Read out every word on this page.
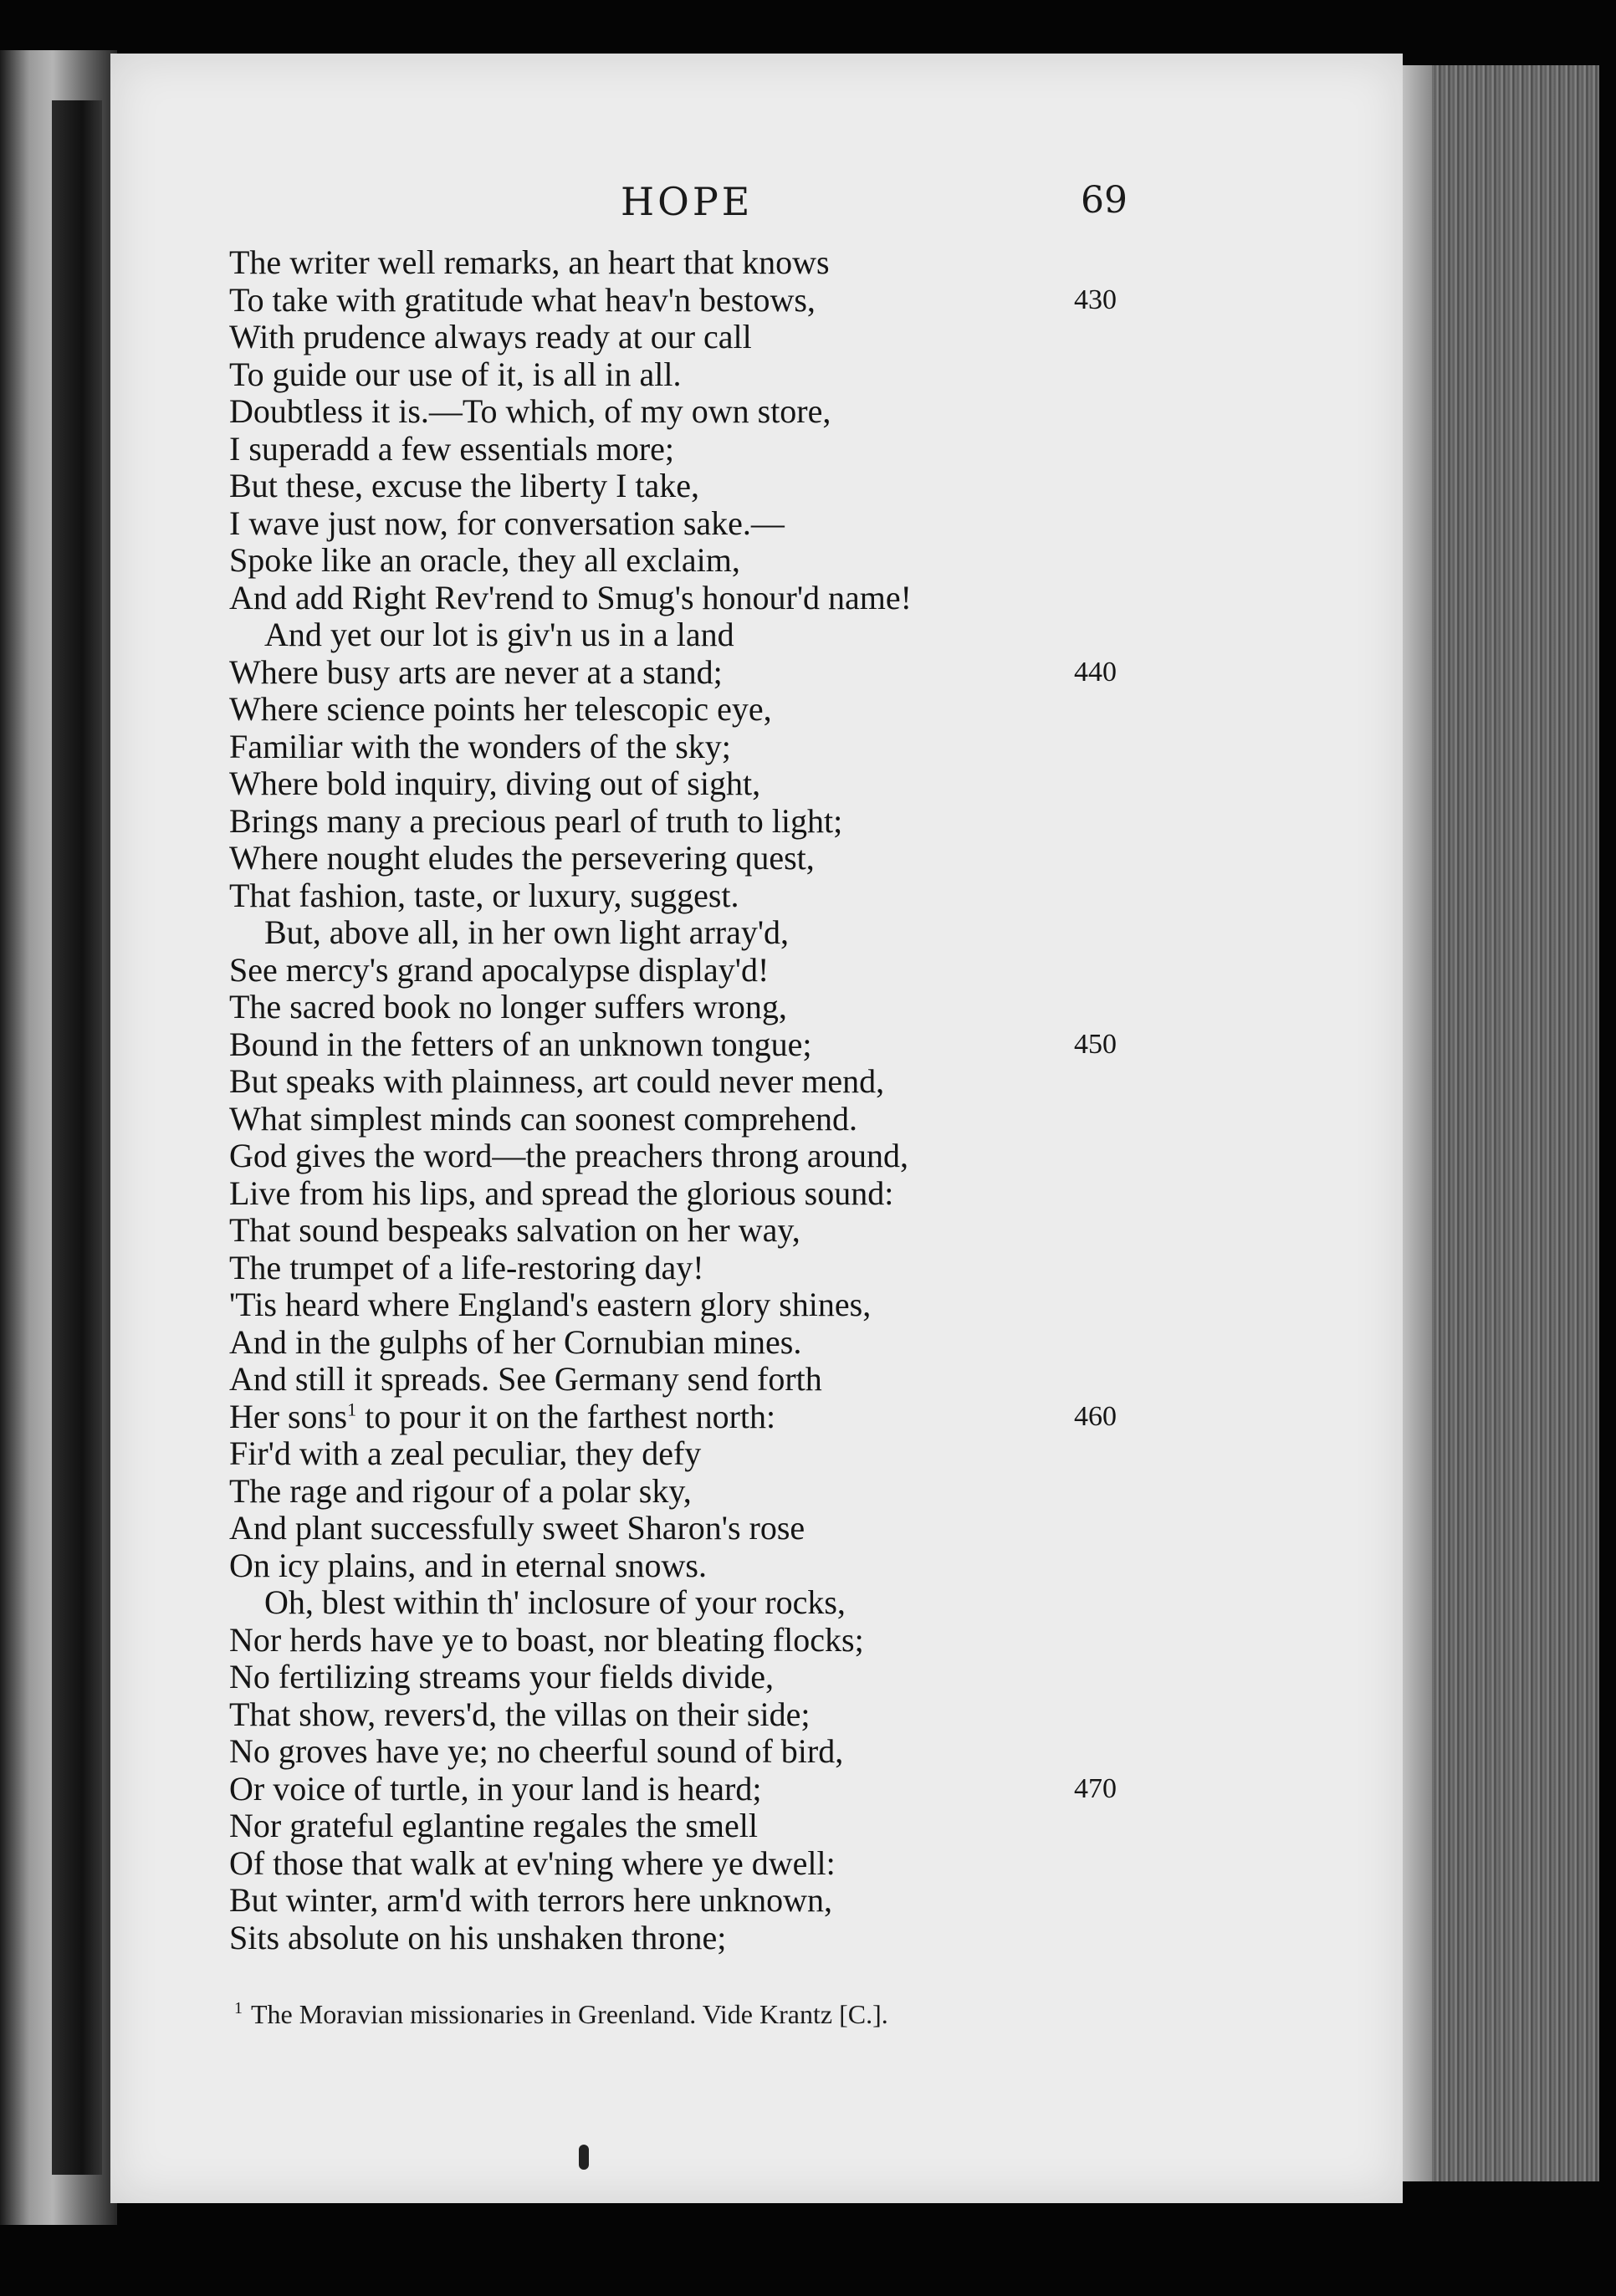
HOPE	69
The writer well remarks, an heart that knows
To take with gratitude what heav'n bestows,	430
With prudence always ready at our call
To guide our use of it, is all in all.
Doubtless it is.—To which, of my own store,
I superadd a few essentials more;
But these, excuse the liberty I take,
I wave just now, for conversation sake.—
Spoke like an oracle, they all exclaim,
And add Right Rev'rend to Smug's honour'd name!
And yet our lot is giv'n us in a land
Where busy arts are never at a stand;	440
Where science points her telescopic eye,
Familiar with the wonders of the sky;
Where bold inquiry, diving out of sight,
Brings many a precious pearl of truth to light;
Where nought eludes the persevering quest,
That fashion, taste, or luxury, suggest.
But, above all, in her own light array'd,
See mercy's grand apocalypse display'd!
The sacred book no longer suffers wrong,
Bound in the fetters of an unknown tongue;	450
But speaks with plainness, art could never mend,
What simplest minds can soonest comprehend.
God gives the word—the preachers throng around,
Live from his lips, and spread the glorious sound:
That sound bespeaks salvation on her way,
The trumpet of a life-restoring day!
'Tis heard where England's eastern glory shines,
And in the gulphs of her Cornubian mines.
And still it spreads. See Germany send forth
Her sons$^1$ to pour it on the farthest north:	460
Fir'd with a zeal peculiar, they defy
The rage and rigour of a polar sky,
And plant successfully sweet Sharon's rose
On icy plains, and in eternal snows.
Oh, blest within th' inclosure of your rocks,
Nor herds have ye to boast, nor bleating flocks;
No fertilizing streams your fields divide,
That show, revers'd, the villas on their side;
No groves have ye; no cheerful sound of bird,
Or voice of turtle, in your land is heard;	470
Nor grateful eglantine regales the smell
Of those that walk at ev'ning where ye dwell:
But winter, arm'd with terrors here unknown,
Sits absolute on his unshaken throne;
$^1$ The Moravian missionaries in Greenland. Vide Krantz [C.].
